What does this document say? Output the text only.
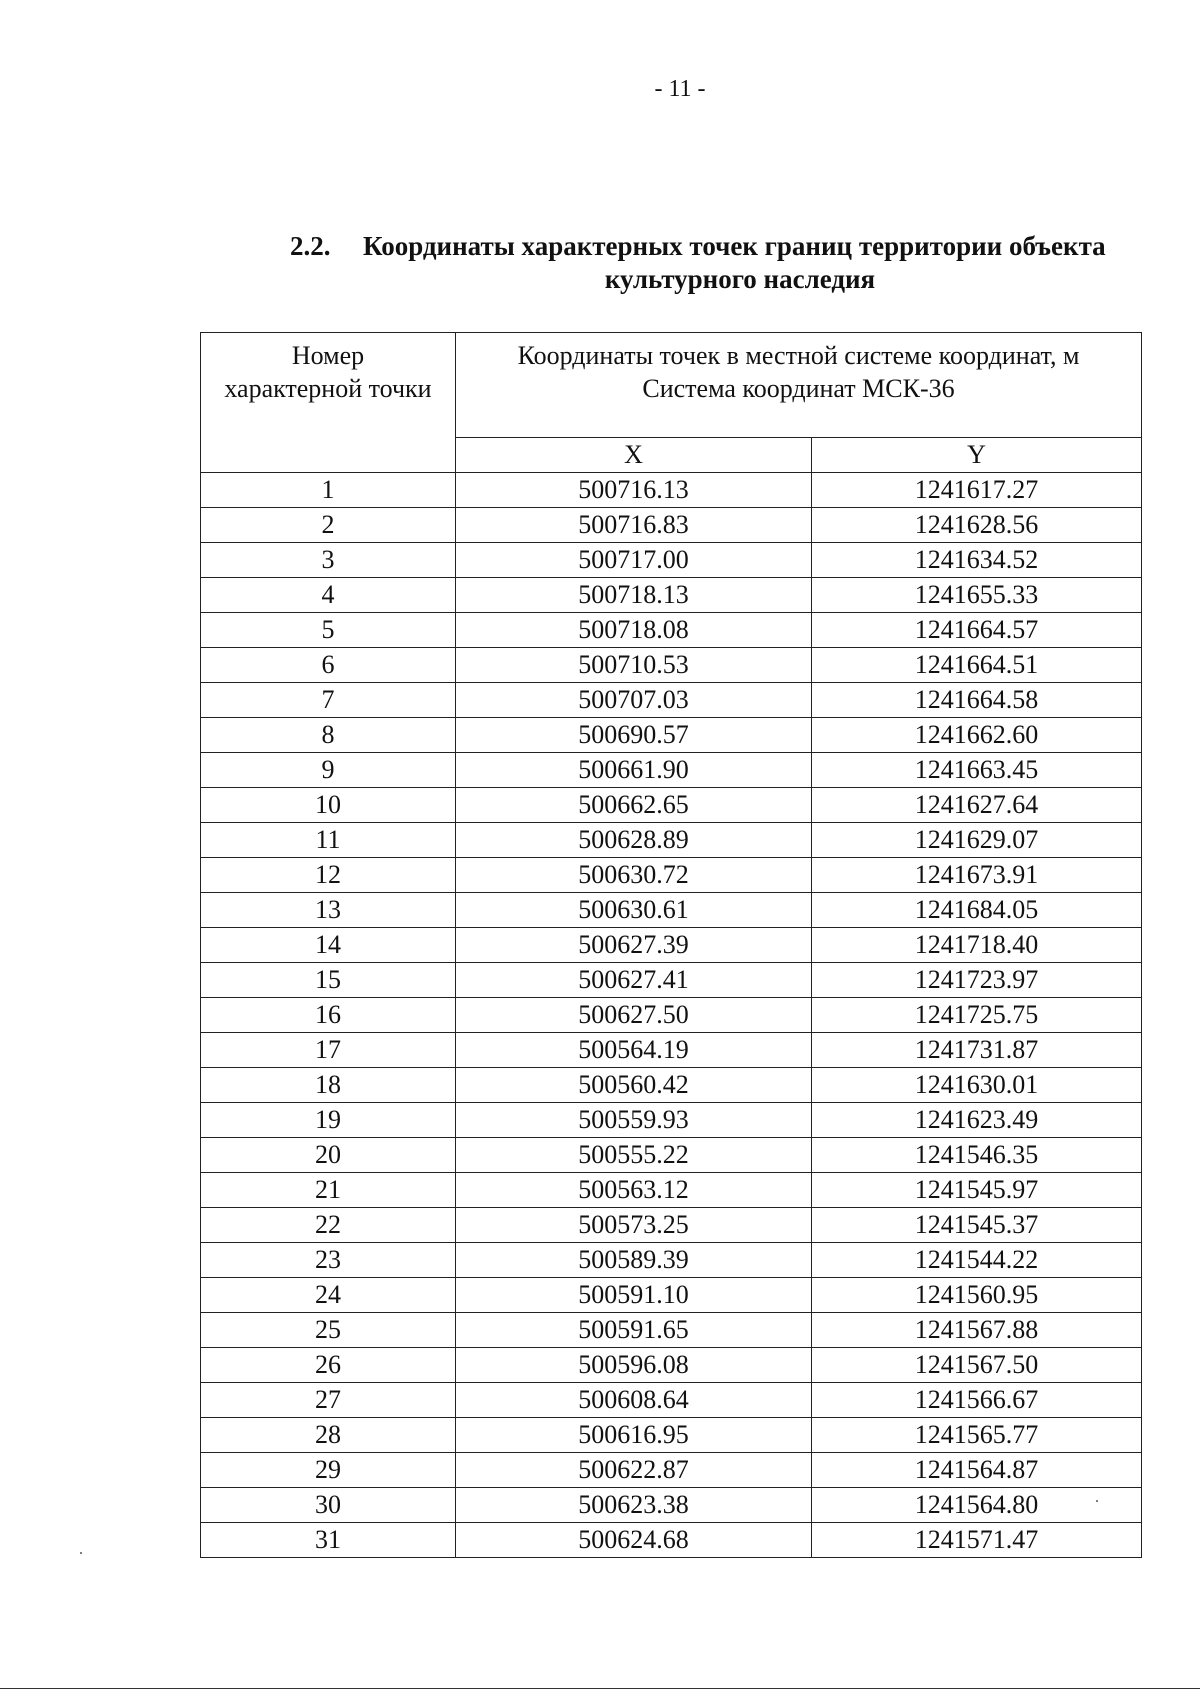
- 11 -
2.2. Координаты характерных точек границ территории объекта
культурного наследия
Номер
характерной точки	Координаты точек в местной системе координат, м
Система координат МСК-36	
	X	Y
1	500716.13	1241617.27
2	500716.83	1241628.56
3	500717.00	1241634.52
4	500718.13	1241655.33
5	500718.08	1241664.57
6	500710.53	1241664.51
7	500707.03	1241664.58
8	500690.57	1241662.60
9	500661.90	1241663.45
10	500662.65	1241627.64
11	500628.89	1241629.07
12	500630.72	1241673.91
13	500630.61	1241684.05
14	500627.39	1241718.40
15	500627.41	1241723.97
16	500627.50	1241725.75
17	500564.19	1241731.87
18	500560.42	1241630.01
19	500559.93	1241623.49
20	500555.22	1241546.35
21	500563.12	1241545.97
22	500573.25	1241545.37
23	500589.39	1241544.22
24	500591.10	1241560.95
25	500591.65	1241567.88
26	500596.08	1241567.50
27	500608.64	1241566.67
28	500616.95	1241565.77
29	500622.87	1241564.87
30	500623.38	1241564.80
31	500624.68	1241571.47
